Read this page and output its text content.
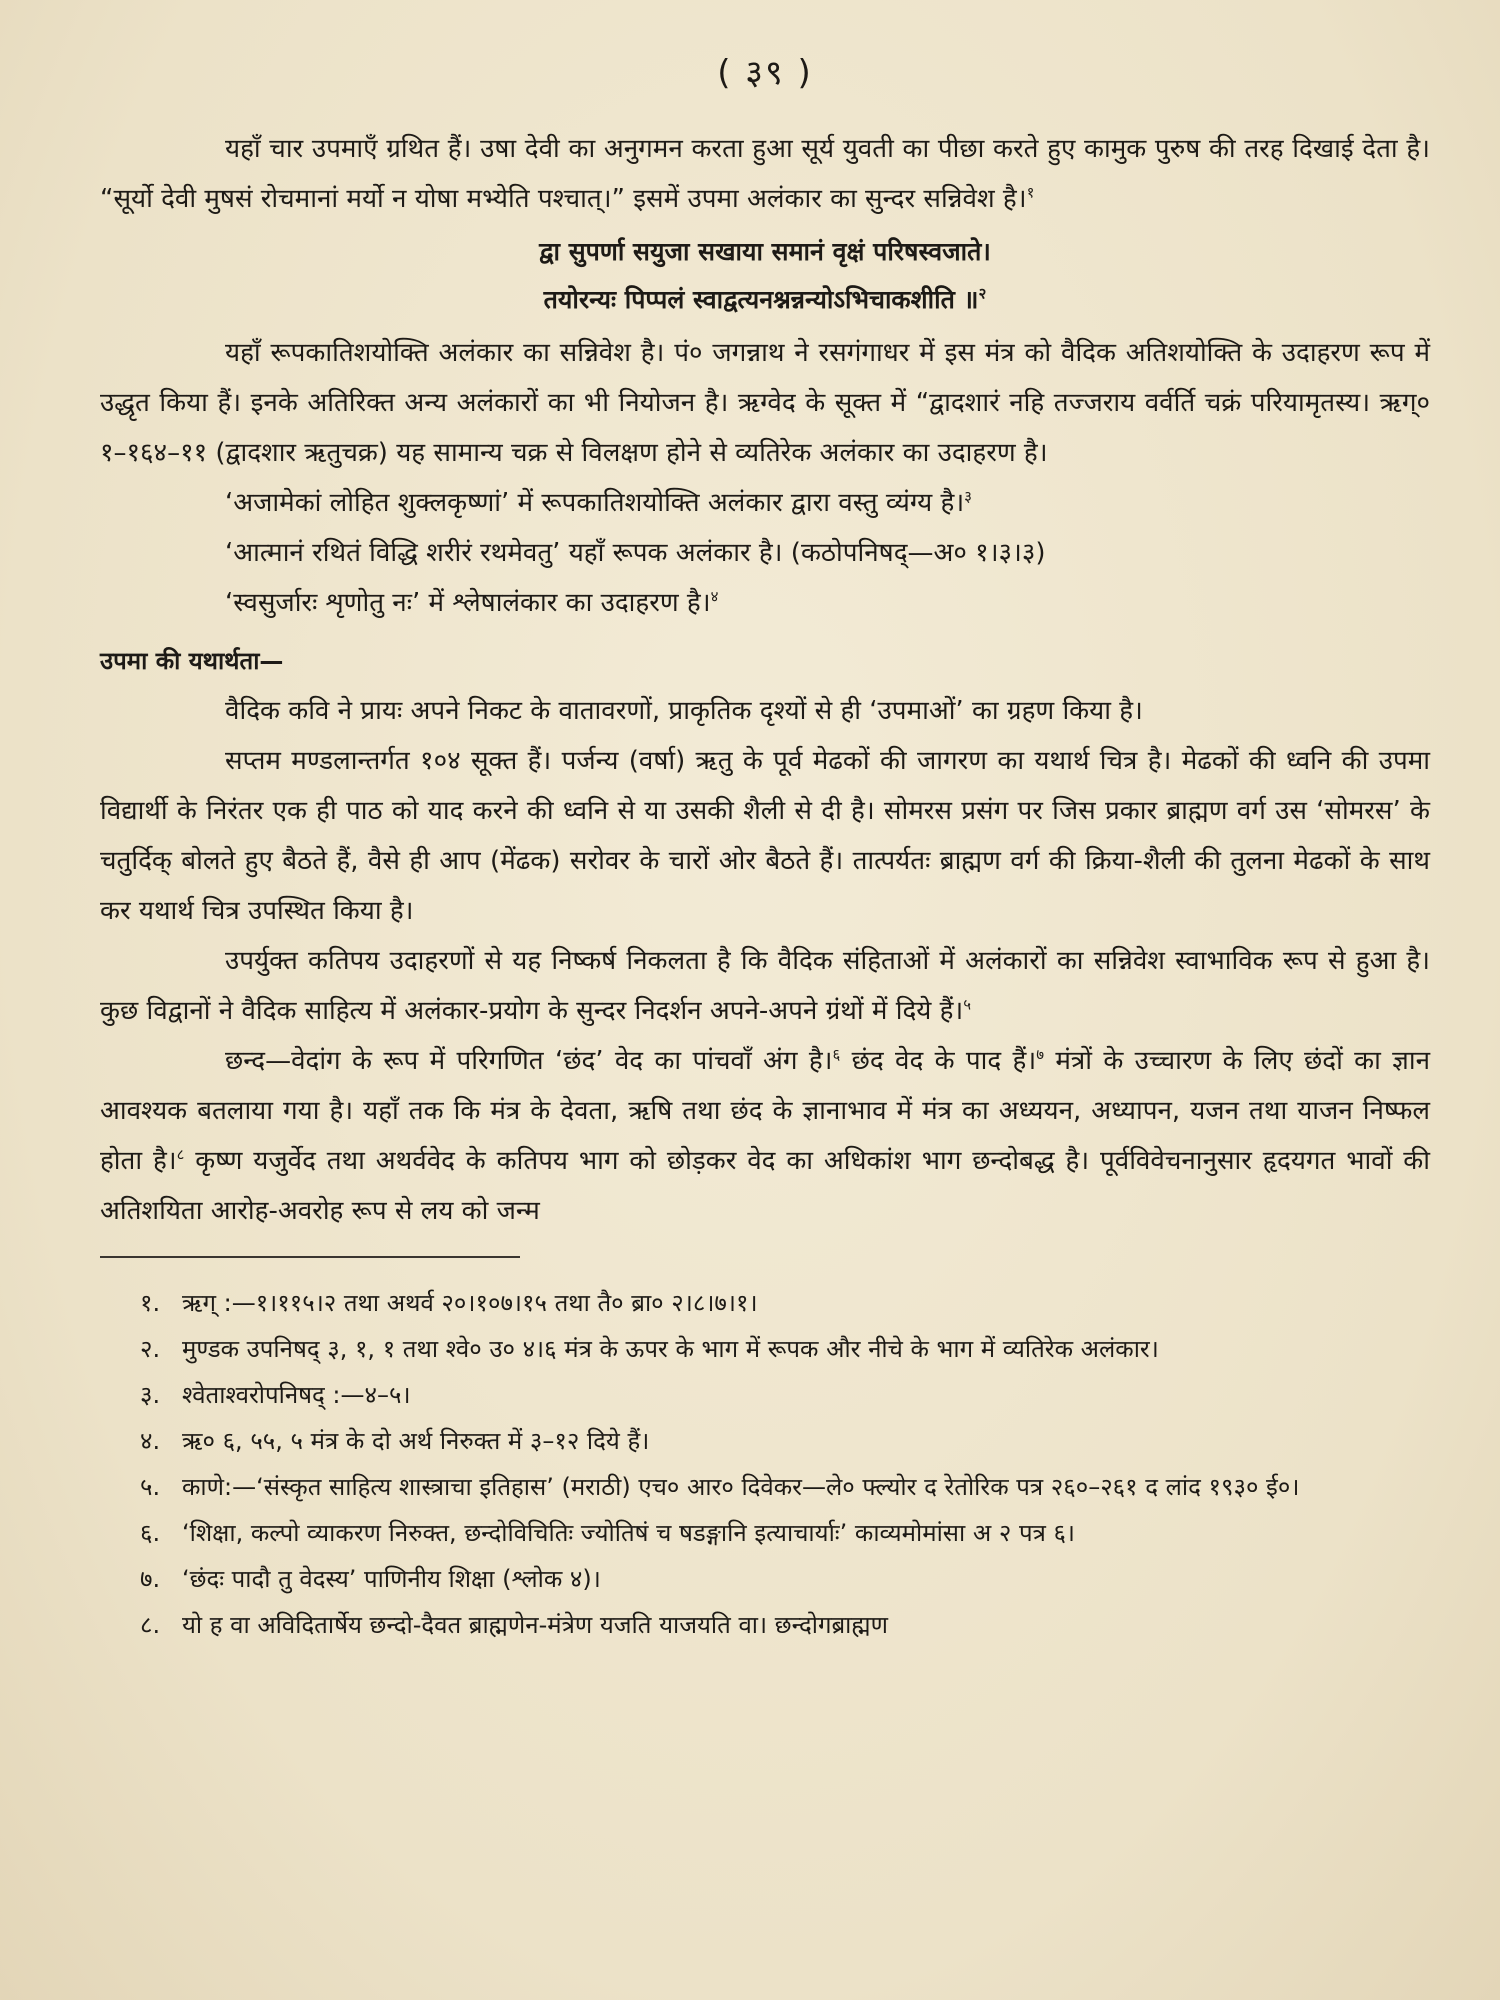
( ३९ )

यहाँ चार उपमाएँ ग्रथित हैं। उषा देवी का अनुगमन करता हुआ सूर्य युवती का पीछा करते हुए कामुक पुरुष की तरह दिखाई देता है। “सूर्यो देवी मुषसं रोचमानां मर्यो न योषा मभ्येति पश्चात्।” इसमें उपमा अलंकार का सुन्दर सन्निवेश है।$^१$

द्वा सुपर्णा सयुजा सखाया समानं वृक्षं परिषस्वजाते।
तयोरन्यः पिप्पलं स्वाद्वत्यनश्नन्नन्योऽभिचाकशीति ॥$^२$

यहाँ रूपकातिशयोक्ति अलंकार का सन्निवेश है। पं० जगन्नाथ ने रसगंगाधर में इस मंत्र को वैदिक अतिशयोक्ति के उदाहरण रूप में उद्धृत किया हैं। इनके अतिरिक्त अन्य अलंकारों का भी नियोजन है। ऋग्वेद के सूक्त में “द्वादशारं नहि तज्जराय वर्वर्ति चक्रं परियामृतस्य। ऋग्० १–१६४–११ (द्वादशार ऋतुचक्र) यह सामान्य चक्र से विलक्षण होने से व्यतिरेक अलंकार का उदाहरण है।

‘अजामेकां लोहित शुक्लकृष्णां’ में रूपकातिशयोक्ति अलंकार द्वारा वस्तु व्यंग्य है।$^३$

‘आत्मानं रथितं विद्धि शरीरं रथमेवतु’ यहाँ रूपक अलंकार है। (कठोपनिषद्—अ० १।३।३)

‘स्वसुर्जारः शृणोतु नः’ में श्लेषालंकार का उदाहरण है।$^४$

उपमा की यथार्थता—

वैदिक कवि ने प्रायः अपने निकट के वातावरणों, प्राकृतिक दृश्यों से ही ‘उपमाओं’ का ग्रहण किया है।

सप्तम मण्डलान्तर्गत १०४ सूक्त हैं। पर्जन्य (वर्षा) ऋतु के पूर्व मेढकों की जागरण का यथार्थ चित्र है। मेढकों की ध्वनि की उपमा विद्यार्थी के निरंतर एक ही पाठ को याद करने की ध्वनि से या उसकी शैली से दी है। सोमरस प्रसंग पर जिस प्रकार ब्राह्मण वर्ग उस ‘सोमरस’ के चतुर्दिक् बोलते हुए बैठते हैं, वैसे ही आप (मेंढक) सरोवर के चारों ओर बैठते हैं। तात्पर्यतः ब्राह्मण वर्ग की क्रिया-शैली की तुलना मेढकों के साथ कर यथार्थ चित्र उपस्थित किया है।

उपर्युक्त कतिपय उदाहरणों से यह निष्कर्ष निकलता है कि वैदिक संहिताओं में अलंकारों का सन्निवेश स्वाभाविक रूप से हुआ है। कुछ विद्वानों ने वैदिक साहित्य में अलंकार-प्रयोग के सुन्दर निदर्शन अपने-अपने ग्रंथों में दिये हैं।$^५$

छन्द—वेदांग के रूप में परिगणित ‘छंद’ वेद का पांचवाँ अंग है।$^६$ छंद वेद के पाद हैं।$^७$ मंत्रों के उच्चारण के लिए छंदों का ज्ञान आवश्यक बतलाया गया है। यहाँ तक कि मंत्र के देवता, ऋषि तथा छंद के ज्ञानाभाव में मंत्र का अध्ययन, अध्यापन, यजन तथा याजन निष्फल होता है।$^८$ कृष्ण यजुर्वेद तथा अथर्ववेद के कतिपय भाग को छोड़कर वेद का अधिकांश भाग छन्दोबद्ध है। पूर्वविवेचनानुसार हृदयगत भावों की अतिशयिता आरोह-अवरोह रूप से लय को जन्म

१. ऋग् :—१।११५।२ तथा अथर्व २०।१०७।१५ तथा तै० ब्रा० २।८।७।१।
२. मुण्डक उपनिषद् ३, १, १ तथा श्वे० उ० ४।६ मंत्र के ऊपर के भाग में रूपक और नीचे के भाग में व्यतिरेक अलंकार।
३. श्वेताश्वरोपनिषद् :—४–५।
४. ऋ० ६, ५५, ५ मंत्र के दो अर्थ निरुक्त में ३–१२ दिये हैं।
५. काणे:—‘संस्कृत साहित्य शास्त्राचा इतिहास’ (मराठी) एच० आर० दिवेकर—ले० फ्ल्योर द रेतोरिक पत्र २६०–२६१ द लांद १९३० ई०।
६. ‘शिक्षा, कल्पो व्याकरण निरुक्त, छन्दोविचितिः ज्योतिषं च षडङ्गानि इत्याचार्याः’ काव्यमोमांसा अ २ पत्र ६।
७. ‘छंदः पादौ तु वेदस्य’ पाणिनीय शिक्षा (श्लोक ४)।
८. यो ह वा अविदितार्षेय छन्दो-दैवत ब्राह्मणेन-मंत्रेण यजति याजयति वा। छन्दोगब्राह्मण
